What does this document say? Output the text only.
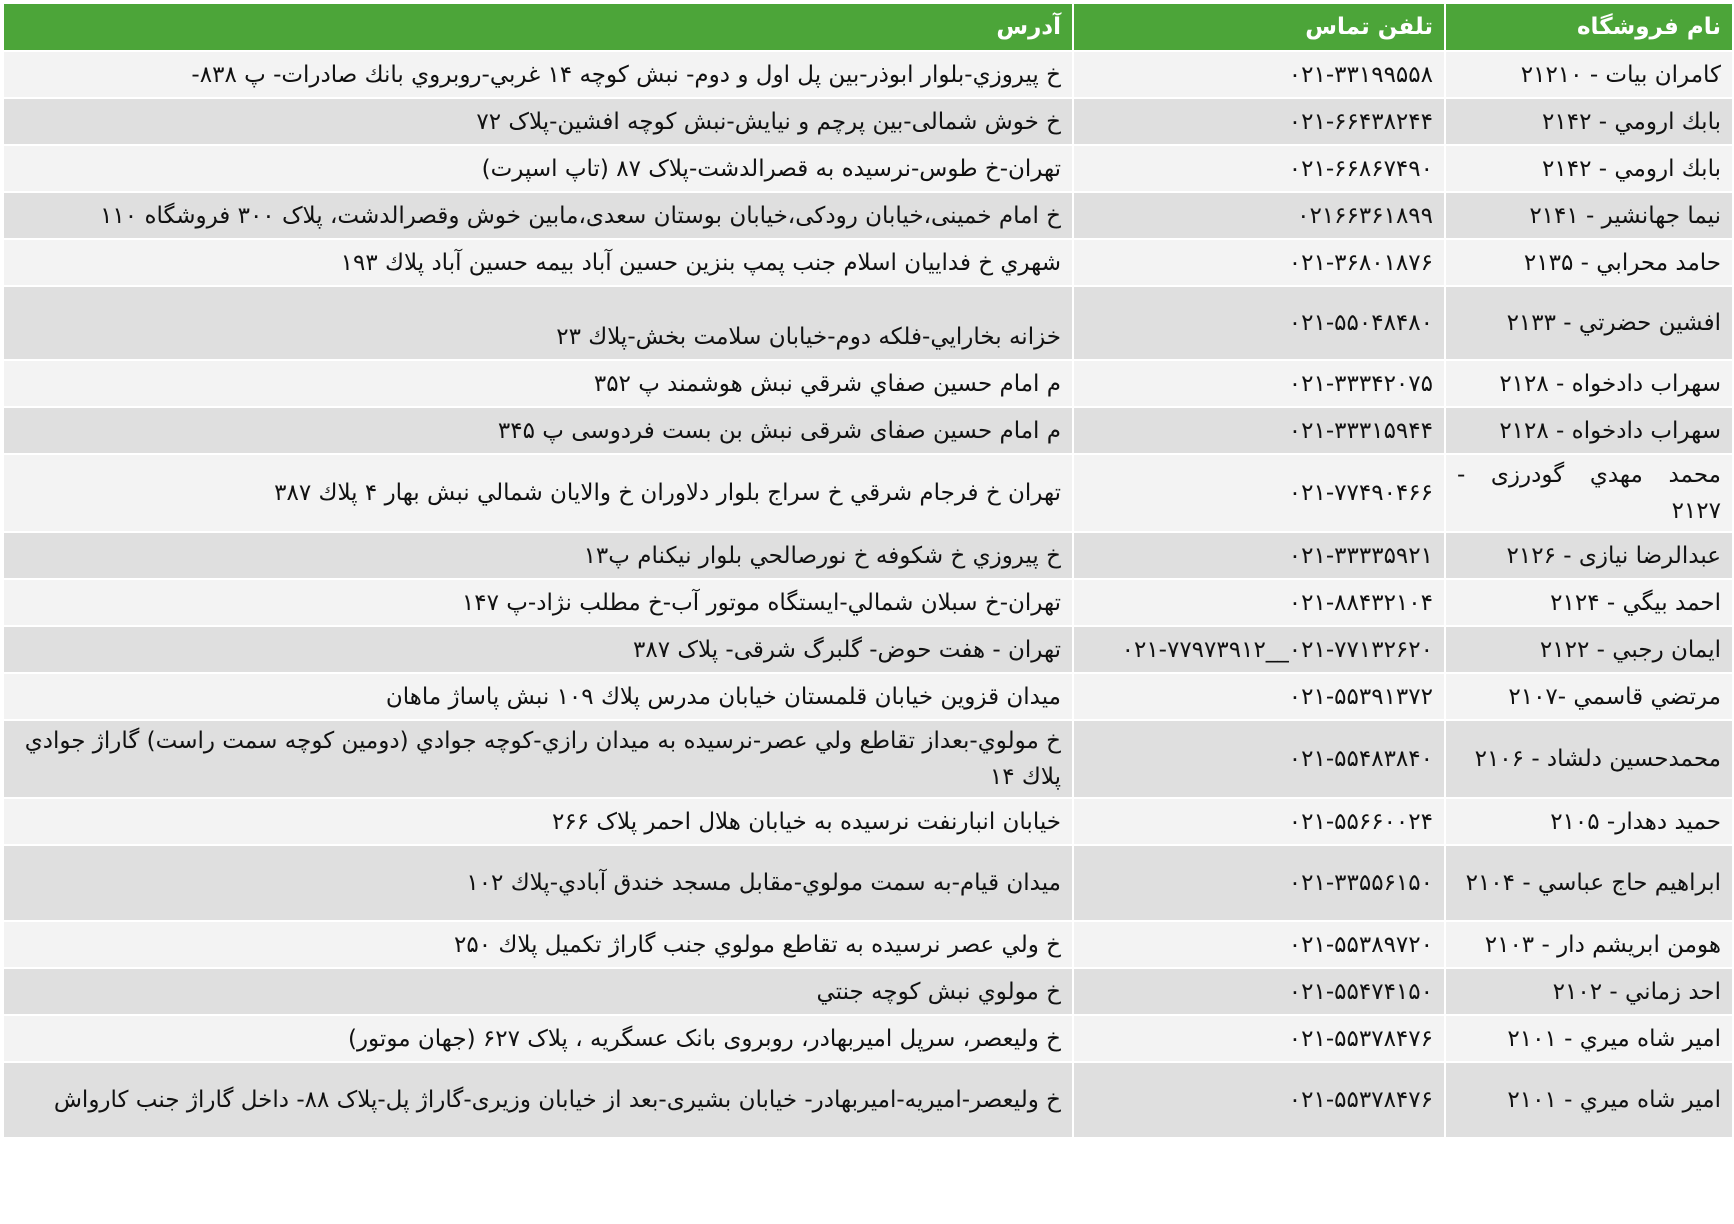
نام فروشگاه	تلفن تماس	آدرس
كامران بيات - ۲۱۲۱۰	۰۲۱-۳۳۱۹۹۵۵۸	خ پيروزي-بلوار ابوذر-بين پل اول و دوم- نبش كوچه ۱۴ غربي-روبروي بانك صادرات- پ ۸۳۸-
بابك ارومي - ۲۱۴۲	۰۲۱-۶۶۴۳۸۲۴۴	خ خوش شمالی-بین پرچم و نیایش-نبش کوچه افشین-پلاک ۷۲
بابك ارومي - ۲۱۴۲	۰۲۱-۶۶۸۶۷۴۹۰	تهران-خ طوس-نرسیده به قصرالدشت-پلاک ۸۷ (تاپ اسپرت)
نیما جهانشیر - ۲۱۴۱	۰۲۱۶۶۳۶۱۸۹۹	خ امام خمینی،خیابان رودکی،خیابان بوستان سعدی،مابین خوش وقصرالدشت، پلاک ۳۰۰ فروشگاه ۱۱۰
حامد محرابي - ۲۱۳۵	۰۲۱-۳۶۸۰۱۸۷۶	شهري خ فداييان اسلام جنب پمپ بنزين حسين آباد بيمه حسين آباد پلاك ۱۹۳
افشين حضرتي - ۲۱۳۳	۰۲۱-۵۵۰۴۸۴۸۰	خزانه بخارايي-فلكه دوم-خيابان سلامت بخش-پلاك ۲۳
سهراب دادخواه - ۲۱۲۸	۰۲۱-۳۳۳۴۲۰۷۵	م امام حسين صفاي شرقي نبش هوشمند پ ۳۵۲
سهراب دادخواه - ۲۱۲۸	۰۲۱-۳۳۳۱۵۹۴۴	م امام حسين صفاى شرقى نبش بن بست فردوسى پ ۳۴۵
محمد مهدي گودرزی - ۲۱۲۷	۰۲۱-۷۷۴۹۰۴۶۶	تهران خ فرجام شرقي خ سراج بلوار دلاوران خ والايان شمالي نبش بهار ۴ پلاك ۳۸۷
عبدالرضا نیازی - ۲۱۲۶	۰۲۱-۳۳۳۳۵۹۲۱	خ پيروزي خ شكوفه خ نورصالحي بلوار نيكنام پ۱۳
احمد بيگي - ۲۱۲۴	۰۲۱-۸۸۴۳۲۱۰۴	تهران-خ سبلان شمالي-ايستگاه موتور آب-خ مطلب نژاد-پ ۱۴۷
ايمان رجبي - ۲۱۲۲	۰۲۱-۷۷۹۷۳۹۱۲__۰۲۱-۷۷۱۳۲۶۲۰	تهران - هفت حوض- گلبرگ شرقی- پلاک ۳۸۷
مرتضي قاسمي -۲۱۰۷	۰۲۱-۵۵۳۹۱۳۷۲	ميدان قزوين خيابان قلمستان خيابان مدرس پلاك ۱۰۹ نبش پاساژ ماهان
محمدحسين دلشاد - ۲۱۰۶	۰۲۱-۵۵۴۸۳۸۴۰	خ مولوي-بعداز تقاطع ولي عصر-نرسيده به ميدان رازي-كوچه جوادي (دومين كوچه سمت راست) گاراژ جوادي پلاك ۱۴
حمید دهدار- ۲۱۰۵	۰۲۱-۵۵۶۶۰۰۲۴	خیابان انبارنفت نرسیده به خیابان هلال احمر پلاک ۲۶۶
ابراهيم حاج عباسي - ۲۱۰۴	۰۲۱-۳۳۵۵۶۱۵۰	ميدان قيام-به سمت مولوي-مقابل مسجد خندق آبادي-پلاك ۱۰۲
هومن ابريشم دار - ۲۱۰۳	۰۲۱-۵۵۳۸۹۷۲۰	خ ولي عصر نرسيده به تقاطع مولوي جنب گاراژ تكميل پلاك ۲۵۰
احد زماني - ۲۱۰۲	۰۲۱-۵۵۴۷۴۱۵۰	خ مولوي نبش كوچه جنتي
امير شاه ميري - ۲۱۰۱	۰۲۱-۵۵۳۷۸۴۷۶	خ وليعصر، سرپل اميربهادر، روبروی بانک عسگريه ، پلاک ۶۲۷ (جهان موتور)
امير شاه ميري - ۲۱۰۱	۰۲۱-۵۵۳۷۸۴۷۶	خ وليعصر-اميريه-اميربهادر- خيابان بشيری-بعد از خيابان وزيری-گاراژ پل-پلاک ۸۸- داخل گاراژ جنب كارواش
